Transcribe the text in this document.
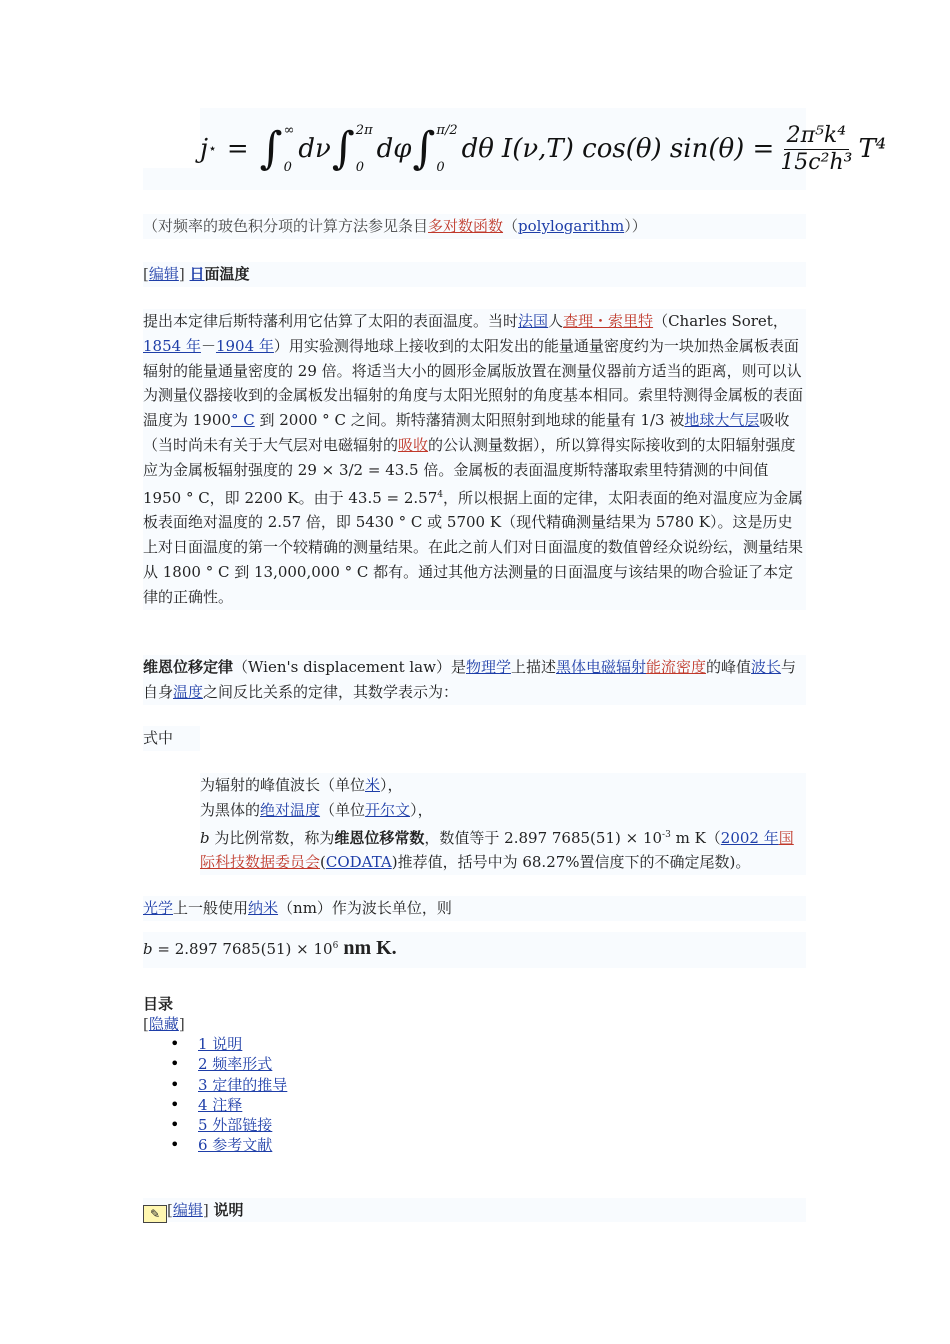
j ⋆ = ∫ ∞
0
dν ∫ 2π
0
dφ ∫ π/2
0
dθ I(ν,T) cos(θ) $\sin(\theta) = \frac{\text{2π⁵k⁴}}{\text{15c²h³}} T^4$

（对频率的玻色积分项的计算方法参见条目多对数函数（polylogarithm））

[编辑] 日面温度

提出本定律后斯特藩利用它估算了太阳的表面温度。当时法国人查理・索里特（Charles Soret，1854 年－1904 年）用实验测得地球上接收到的太阳发出的能量通量密度约为一块加热金属板表面辐射的能量通量密度的 29 倍。将适当大小的圆形金属版放置在测量仪器前方适当的距离，则可以认为测量仪器接收到的金属板发出辐射的角度与太阳光照射的角度基本相同。索里特测得金属板的表面温度为 1900° C 到 2000 ° C 之间。斯特藩猜测太阳照射到地球的能量有 1/3 被地球大气层吸收（当时尚未有关于大气层对电磁辐射的吸收的公认测量数据），所以算得实际接收到的太阳辐射强度应为金属板辐射强度的 29 × 3/2 = 43.5 倍。金属板的表面温度斯特藩取索里特猜测的中间值 1950 ° C，即 2200 K。由于 $43.5 = 2.57^4$，所以根据上面的定律，太阳表面的绝对温度应为金属板表面绝对温度的 2.57 倍，即 5430 ° C 或 5700 K（现代精确测量结果为 5780 K）。这是历史上对日面温度的第一个较精确的测量结果。在此之前人们对日面温度的数值曾经众说纷纭，测量结果从 1800 ° C 到 13,000,000 ° C 都有。通过其他方法测量的日面温度与该结果的吻合验证了本定律的正确性。

维恩位移定律（Wien's displacement law）是物理学上描述黑体电磁辐射能流密度的峰值波长与自身温度之间反比关系的定律，其数学表示为：

式中

为辐射的峰值波长（单位米），

为黑体的绝对温度（单位开尔文），

b 为比例常数，称为维恩位移常数，数值等于 2.897 $7685(51) \times 10^{-3}$ m K（2002 年国际科技数据委员会(CODATA)推荐值，括号中为 68.27%置信度下的不确定尾数)。

光学上一般使用纳米（nm）作为波长单位，则

b = 2.897 $7685(51) \times 10^6$ nm K.

目录
[隐藏]
• 1 说明
• 2 频率形式
• 3 定律的推导
• 4 注释
• 5 外部链接
• 6 参考文献

✎ [编辑] 说明
